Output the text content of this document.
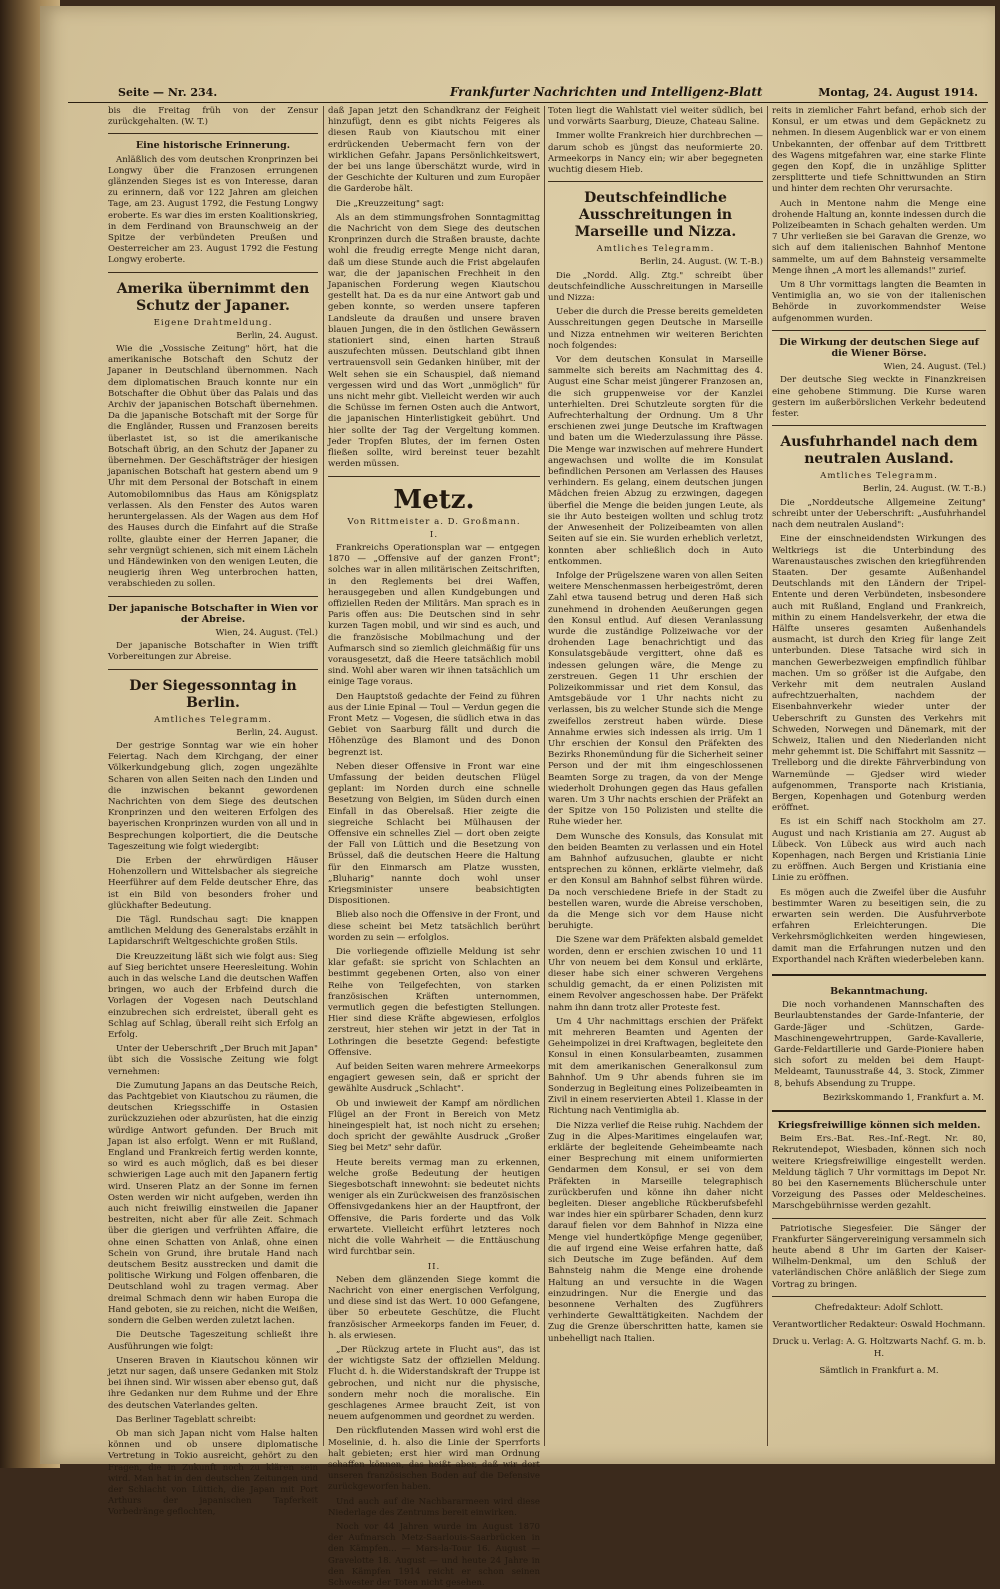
Seite — Nr. 234.	Frankfurter Nachrichten und Intelligenz-Blatt	Montag, 24. August 1914.

bis die Freitag früh von der Zensur zurückgehalten. (W. T.)

Eine historische Erinnerung.

Anläßlich des vom deutschen Kronprinzen bei Longwy über die Franzosen errungenen glänzenden Sieges ist es von Interesse, daran zu erinnern, daß vor 122 Jahren am gleichen Tage, am 23. August 1792, die Festung Longwy eroberte. Es war dies im ersten Koalitionskrieg, in dem Ferdinand von Braunschweig an der Spitze der verbündeten Preußen und Oesterreicher am 23. August 1792 die Festung Longwy eroberte.

Amerika übernimmt den Schutz der Japaner.
Eigene Drahtmeldung.
Berlin, 24. August.

Wie die „Vossische Zeitung" hört, hat die amerikanische Botschaft den Schutz der Japaner in Deutschland übernommen. Nach dem diplomatischen Brauch konnte nur ein Botschafter die Obhut über das Palais und das Archiv der japanischen Botschaft übernehmen. Da die japanische Botschaft mit der Sorge für die Engländer, Russen und Franzosen bereits überlastet ist, so ist die amerikanische Botschaft übrig, an den Schutz der Japaner zu übernehmen. Der Geschäftsträger der hiesigen japanischen Botschaft hat gestern abend um 9 Uhr mit dem Personal der Botschaft in einem Automobilomnibus das Haus am Königsplatz verlassen. Als den Fenster des Autos waren heruntergelassen. Als der Wagen aus dem Hof des Hauses durch die Einfahrt auf die Straße rollte, glaubte einer der Herren Japaner, die sehr vergnügt schienen, sich mit einem Lächeln und Händewinken von den wenigen Leuten, die neugierig ihren Weg unterbrochen hatten, verabschieden zu sollen.

Der japanische Botschafter in Wien vor der Abreise.
Wien, 24. August. (Tel.)

Der japanische Botschafter in Wien trifft Vorbereitungen zur Abreise.

Der Siegessonntag in Berlin.
Amtliches Telegramm.
Berlin, 24. August.

Der gestrige Sonntag war wie ein hoher Feiertag. Nach dem Kirchgang, der einer Völkerkundgebung glich, zogen ungezählte Scharen von allen Seiten nach den Linden und die inzwischen bekannt gewordenen Nachrichten von dem Siege des deutschen Kronprinzen und den weiteren Erfolgen des bayerischen Kronprinzen wurden von all und in Besprechungen kolportiert, die die Deutsche Tageszeitung wie folgt wiedergibt:

Die Erben der ehrwürdigen Häuser Hohenzollern und Wittelsbacher als siegreiche Heerführer auf dem Felde deutscher Ehre, das ist ein Bild von besonders froher und glückhafter Bedeutung.

Die Tägl. Rundschau sagt: Die knappen amtlichen Meldung des Generalstabs erzählt in Lapidarschrift Weltgeschichte großen Stils.

Die Kreuzzeitung läßt sich wie folgt aus: Sieg auf Sieg berichtet unsere Heeresleitung. Wohin auch in das welsche Land die deutschen Waffen bringen, wo auch der Erbfeind durch die Vorlagen der Vogesen nach Deutschland einzubrechen sich erdreistet, überall geht es Schlag auf Schlag, überall reiht sich Erfolg an Erfolg.

Unter der Ueberschrift „Der Bruch mit Japan" übt sich die Vossische Zeitung wie folgt vernehmen:

Die Zumutung Japans an das Deutsche Reich, das Pachtgebiet von Kiautschou zu räumen, die deutschen Kriegsschiffe in Ostasien zurückzuziehen oder abzurüsten, hat die einzig würdige Antwort gefunden. Der Bruch mit Japan ist also erfolgt. Wenn er mit Rußland, England und Frankreich fertig werden konnte, so wird es auch möglich, daß es bei dieser schwierigen Lage auch mit den Japanern fertig wird. Unseren Platz an der Sonne im fernen Osten werden wir nicht aufgeben, werden ihn auch nicht freiwillig einstweilen die Japaner bestreiten, nicht aber für alle Zeit. Schmach über die gierigen und verfrühten Affaire, die ohne einen Schatten von Anlaß, ohne einen Schein von Grund, ihre brutale Hand nach deutschem Besitz ausstrecken und damit die politische Wirkung und Folgen offenbaren, die Deutschland wohl zu tragen vermag. Aber dreimal Schmach denn wir haben Europa die Hand geboten, sie zu reichen, nicht die Weißen, sondern die Gelben werden zuletzt lachen.

Die Deutsche Tageszeitung schließt ihre Ausführungen wie folgt:

Unseren Braven in Kiautschou können wir jetzt nur sagen, daß unsere Gedanken mit Stolz bei ihnen sind. Wir wissen aber ebenso gut, daß ihre Gedanken nur dem Ruhme und der Ehre des deutschen Vaterlandes gelten.

Das Berliner Tageblatt schreibt:

Ob man sich Japan nicht vom Halse halten können und ob unsere diplomatische Vertretung in Tokio ausreicht, gehört zu den Fragen, die in Zukunft noch zu klären sein wird. Man hat in den deutschen Zeitungen und der Schlacht von Lüttich, die Japan mit Port Arthurs der japanischen Tapferkeit Vorbedränge geflochten,

daß Japan jetzt den Schandkranz der Feigheit hinzufügt, denn es gibt nichts Feigeres als diesen Raub von Kiautschou mit einer erdrückenden Uebermacht fern von der wirklichen Gefahr. Japans Persönlichkeitswert, der bei uns lange überschätzt wurde, wird in der Geschichte der Kulturen und zum Europäer die Garderobe hält.

Die „Kreuzzeitung" sagt:

Als an dem stimmungsfrohen Sonntagmittag die Nachricht von dem Siege des deutschen Kronprinzen durch die Straßen brauste, dachte wohl die freudig erregte Menge nicht daran, daß um diese Stunde auch die Frist abgelaufen war, die der japanischen Frechheit in den Japanischen Forderung wegen Kiautschou gestellt hat. Da es da nur eine Antwort gab und geben konnte, so werden unsere tapferen Landsleute da draußen und unsere braven blauen Jungen, die in den östlichen Gewässern stationiert sind, einen harten Strauß auszufechten müssen. Deutschland gibt ihnen vertrauensvoll sein Gedanken hinüber, mit der Welt sehen sie ein Schauspiel, daß niemand vergessen wird und das Wort „unmöglich" für uns nicht mehr gibt. Vielleicht werden wir auch die Schüsse im fernen Osten auch die Antwort, die japanischen Hinterlistigkeit gebührt. Und hier sollte der Tag der Vergeltung kommen. Jeder Tropfen Blutes, der im fernen Osten fließen sollte, wird bereinst teuer bezahlt werden müssen.

Metz.
Von Rittmeister a. D. Großmann.
I.

Frankreichs Operationsplan war — entgegen 1870 — „Offensive auf der ganzen Front"; solches war in allen militärischen Zeitschriften, in den Reglements bei drei Waffen, herausgegeben und allen Kundgebungen und offiziellen Reden der Militärs. Man sprach es in Paris offen aus: Die Deutschen sind in sehr kurzen Tagen mobil, und wir sind es auch, und die französische Mobilmachung und der Aufmarsch sind so ziemlich gleichmäßig für uns vorausgesetzt, daß die Heere tatsächlich mobil sind. Wohl aber waren wir ihnen tatsächlich um einige Tage voraus.

Den Hauptstoß gedachte der Feind zu führen aus der Linie Epinal — Toul — Verdun gegen die Front Metz — Vogesen, die südlich etwa in das Gebiet von Saarburg fällt und durch die Höhenzüge des Blamont und des Donon begrenzt ist.

Neben dieser Offensive in Front war eine Umfassung der beiden deutschen Flügel geplant: im Norden durch eine schnelle Besetzung von Belgien, im Süden durch einen Einfall in das Oberelsaß. Hier zeigte die siegreiche Schlacht bei Mülhausen der Offensive ein schnelles Ziel — dort oben zeigte der Fall von Lüttich und die Besetzung von Brüssel, daß die deutschen Heere die Haltung für den Einmarsch am Platze wussten, „Bluharig" nannte doch wohl unser Kriegsminister unsere beabsichtigten Dispositionen.

Blieb also noch die Offensive in der Front, und diese scheint bei Metz tatsächlich berührt worden zu sein — erfolglos.

Die vorliegende offizielle Meldung ist sehr klar gefaßt: sie spricht von Schlachten an bestimmt gegebenen Orten, also von einer Reihe von Teilgefechten, von starken französischen Kräften unternommen, vermutlich gegen die befestigten Stellungen. Hier sind diese Kräfte abgewiesen, erfolglos zerstreut, hier stehen wir jetzt in der Tat in Lothringen die besetzte Gegend: befestigte Offensive.

Auf beiden Seiten waren mehrere Armeekorps engagiert gewesen sein, daß er spricht der gewählte Ausdruck „Schlacht".

Ob und inwieweit der Kampf am nördlichen Flügel an der Front in Bereich von Metz hineingespielt hat, ist noch nicht zu ersehen; doch spricht der gewählte Ausdruck „Großer Sieg bei Metz" sehr dafür.

Heute bereits vermag man zu erkennen, welche große Bedeutung der heutigen Siegesbotschaft innewohnt: sie bedeutet nichts weniger als ein Zurückweisen des französischen Offensivgedankens hier an der Hauptfront, der Offensive, die Paris forderte und das Volk erwartete. Vielleicht erführt letzteres noch nicht die volle Wahrheit — die Enttäuschung wird furchtbar sein.

II.

Neben dem glänzenden Siege kommt die Nachricht von einer energischen Verfolgung, und diese sind ist das Wert. 10 000 Gefangene, über 50 erbeutete Geschütze, die Flucht französischer Armeekorps fanden im Feuer, d. h. als erwiesen.

„Der Rückzug artete in Flucht aus", das ist der wichtigste Satz der offiziellen Meldung. Flucht d. h. die Widerstandskraft der Truppe ist gebrochen, und nicht nur die physische, sondern mehr noch die moralische. Ein geschlagenes Armee braucht Zeit, ist von neuem aufgenommen und geordnet zu werden.

Den rückflutenden Massen wird wohl erst die Moselinie, d. h. also die Linie der Sperrforts halt gebieten; erst hier wird man Ordnung schaffen können, das heißt aber, daß wir dort unseren französischen Boden auf die Defensive zurückgeworfen haben.

Und auch auf die Nachbararmeen wird diese Niederlage des Zentrums bereit einwirken.

Noch vor 44 Jahren wurde im August 1870 der Aufmarsch Metz-Saarlouis-Saarbrücken in den Kämpfen... — Mars-la-Tour 16. August — Gravelotte 18. August — und heute 24 Jahre in den Kämpfen 1914 reicht er schon seinen Schwester der Toten nicht gesehen.

Toten liegt die Wahlstatt viel weiter südlich, bei und vorwärts Saarburg, Dieuze, Chateau Saline.

Immer wollte Frankreich hier durchbrechen — darum schob es jüngst das neuformierte 20. Armeekorps in Nancy ein; wir aber begegneten wuchtig diesem Hieb.

Deutschfeindliche Ausschreitungen in Marseille und Nizza.
Amtliches Telegramm.
Berlin, 24. August. (W. T.-B.)

Die „Nordd. Allg. Ztg." schreibt über deutschfeindliche Ausschreitungen in Marseille und Nizza:

Ueber die durch die Presse bereits gemeldeten Ausschreitungen gegen Deutsche in Marseille und Nizza entnehmen wir weiteren Berichten noch folgendes:

Vor dem deutschen Konsulat in Marseille sammelte sich bereits am Nachmittag des 4. August eine Schar meist jüngerer Franzosen an, die sich gruppenweise vor der Kanzlei unterhielten. Drei Schutzleute sorgten für die Aufrechterhaltung der Ordnung. Um 8 Uhr erschienen zwei junge Deutsche im Kraftwagen und baten um die Wiederzulassung ihre Pässe. Die Menge war inzwischen auf mehrere Hundert angewachsen und wollte die im Konsulat befindlichen Personen am Verlassen des Hauses verhindern. Es gelang, einem deutschen jungen Mädchen freien Abzug zu erzwingen, dagegen überfiel die Menge die beiden jungen Leute, als sie ihr Auto besteigen wollten und schlug trotz der Anwesenheit der Polizeibeamten von allen Seiten auf sie ein. Sie wurden erheblich verletzt, konnten aber schließlich doch in Auto entkommen.

Infolge der Prügelszene waren von allen Seiten weitere Menschenmassen herbeigeströmt, deren Zahl etwa tausend betrug und deren Haß sich zunehmend in drohenden Aeußerungen gegen den Konsul entlud. Auf diesen Veranlassung wurde die zuständige Polizeiwache vor der drohenden Lage benachrichtigt und das Konsulatsgebäude vergittert, ohne daß es indessen gelungen wäre, die Menge zu zerstreuen. Gegen 11 Uhr erschien der Polizeikommissar und riet dem Konsul, das Amtsgebäude vor 1 Uhr nachts nicht zu verlassen, bis zu welcher Stunde sich die Menge zweifellos zerstreut haben würde. Diese Annahme erwies sich indessen als irrig. Um 1 Uhr erschien der Konsul den Präfekten des Bezirks Rhonemündung für die Sicherheit seiner Person und der mit ihm eingeschlossenen Beamten Sorge zu tragen, da von der Menge wiederholt Drohungen gegen das Haus gefallen waren. Um 3 Uhr nachts erschien der Präfekt an der Spitze von 150 Polizisten und stellte die Ruhe wieder her.

Dem Wunsche des Konsuls, das Konsulat mit den beiden Beamten zu verlassen und ein Hotel am Bahnhof aufzusuchen, glaubte er nicht entsprechen zu können, erklärte vielmehr, daß er den Konsul am Bahnhof selbst führen würde. Da noch verschiedene Briefe in der Stadt zu bestellen waren, wurde die Abreise verschoben, da die Menge sich vor dem Hause nicht beruhigte.

Die Szene war dem Präfekten alsbald gemeldet worden, denn er erschien zwischen 10 und 11 Uhr von neuem bei dem Konsul und erklärte, dieser habe sich einer schweren Vergehens schuldig gemacht, da er einen Polizisten mit einem Revolver angeschossen habe. Der Präfekt nahm ihn dann trotz aller Proteste fest.

Um 4 Uhr nachmittags erschien der Präfekt mit mehreren Beamten und Agenten der Geheimpolizei in drei Kraftwagen, begleitete den Konsul in einen Konsularbeamten, zusammen mit dem amerikanischen Generalkonsul zum Bahnhof. Um 9 Uhr abends fuhren sie im Sonderzug in Begleitung eines Polizeibeamten in Zivil in einem reservierten Abteil 1. Klasse in der Richtung nach Ventimiglia ab.

Die Nizza verlief die Reise ruhig. Nachdem der Zug in die Alpes-Maritimes eingelaufen war, erklärte der begleitende Geheimbeamte nach einer Besprechung mit einem uniformierten Gendarmen dem Konsul, er sei von dem Präfekten in Marseille telegraphisch zurückberufen und könne ihn daher nicht begleiten. Dieser angebliche Rückberufsbefehl war indes hier ein spürbarer Schaden, denn kurz darauf fielen vor dem Bahnhof in Nizza eine Menge viel hundertköpfige Menge gegenüber, die auf irgend eine Weise erfahren hatte, daß sich Deutsche im Zuge befänden. Auf dem Bahnsteig nahm die Menge eine drohende Haltung an und versuchte in die Wagen einzudringen. Nur die Energie und das besonnene Verhalten des Zugführers verhinderte Gewalttätigkeiten. Nachdem der Zug die Grenze überschritten hatte, kamen sie unbehelligt nach Italien.

reits in ziemlicher Fahrt befand, erhob sich der Konsul, er um etwas und dem Gepäcknetz zu nehmen. In diesem Augenblick war er von einem Unbekannten, der offenbar auf dem Trittbrett des Wagens mitgefahren war, eine starke Flinte gegen den Kopf, die in unzählige Splitter zersplitterte und tiefe Schnittwunden an Stirn und hinter dem rechten Ohr verursachte.

Auch in Mentone nahm die Menge eine drohende Haltung an, konnte indessen durch die Polizeibeamten in Schach gehalten werden. Um 7 Uhr verließen sie bei Garavan die Grenze, wo sich auf dem italienischen Bahnhof Mentone sammelte, um auf dem Bahnsteig versammelte Menge ihnen „A mort les allemands!" zurief.

Um 8 Uhr vormittags langten die Beamten in Ventimiglia an, wo sie von der italienischen Behörde in zuvorkommendster Weise aufgenommen wurden.

Die Wirkung der deutschen Siege auf die Wiener Börse.
Wien, 24. August. (Tel.)

Der deutsche Sieg weckte in Finanzkreisen eine gehobene Stimmung. Die Kurse waren gestern im außerbörslichen Verkehr bedeutend fester.

Ausfuhrhandel nach dem neutralen Ausland.
Amtliches Telegramm.
Berlin, 24. August. (W. T.-B.)

Die „Norddeutsche Allgemeine Zeitung" schreibt unter der Ueberschrift: „Ausfuhrhandel nach dem neutralen Ausland":

Eine der einschneidendsten Wirkungen des Weltkriegs ist die Unterbindung des Warenaustausches zwischen den kriegführenden Staaten. Der gesamte Außenhandel Deutschlands mit den Ländern der Tripel-Entente und deren Verbündeten, insbesondere auch mit Rußland, England und Frankreich, mithin zu einem Handelsverkehr, der etwa die Hälfte unseres gesamten Außenhandels ausmacht, ist durch den Krieg für lange Zeit unterbunden. Diese Tatsache wird sich in manchen Gewerbezweigen empfindlich fühlbar machen. Um so größer ist die Aufgabe, den Verkehr mit dem neutralen Ausland aufrechtzuerhalten, nachdem der Eisenbahnverkehr wieder unter der Ueberschrift zu Gunsten des Verkehrs mit Schweden, Norwegen und Dänemark, mit der Schweiz, Italien und den Niederlanden nicht mehr gehemmt ist. Die Schiffahrt mit Sassnitz — Trelleborg und die direkte Fährverbindung von Warnemünde — Gjedser wird wieder aufgenommen, Transporte nach Kristiania, Bergen, Kopenhagen und Gotenburg werden eröffnet.

Es ist ein Schiff nach Stockholm am 27. August und nach Kristiania am 27. August ab Lübeck. Von Lübeck aus wird auch nach Kopenhagen, nach Bergen und Kristiania Linie zu eröffnen. Auch Bergen und Kristiania eine Linie zu eröffnen.

Es mögen auch die Zweifel über die Ausfuhr bestimmter Waren zu beseitigen sein, die zu erwarten sein werden. Die Ausfuhrverbote erfahren Erleichterungen. Die Verkehrsmöglichkeiten werden hingewiesen, damit man die Erfahrungen nutzen und den Exporthandel nach Kräften wiederbeleben kann.

Bekanntmachung.

Die noch vorhandenen Mannschaften des Beurlaubtenstandes der Garde-Infanterie, der Garde-Jäger und -Schützen, Garde-Maschinengewehrtruppen, Garde-Kavallerie, Garde-Feldartillerie und Garde-Pioniere haben sich sofort zu melden bei dem Haupt-Meldeamt, Taunusstraße 44, 3. Stock, Zimmer 8, behufs Absendung zu Truppe.

Bezirkskommando 1, Frankfurt a. M.
Kriegsfreiwillige können sich melden.

Beim Ers.-Bat. Res.-Inf.-Regt. Nr. 80, Rekrutendepot, Wiesbaden, können sich noch weitere Kriegsfreiwillige eingestellt werden. Meldung täglich 7 Uhr vormittags im Depot Nr. 80 bei den Kasernements Blücherschule unter Vorzeigung des Passes oder Meldescheines. Marschgebührnisse werden gezahlt.

Patriotische Siegesfeier. Die Sänger der Frankfurter Sängervereinigung versammeln sich heute abend 8 Uhr im Garten der Kaiser-Wilhelm-Denkmal, um den Schluß der vaterländischen Chöre anläßlich der Siege zum Vortrag zu bringen.

Chefredakteur: Adolf Schlott.
Verantwortlicher Redakteur: Oswald Hochmann.
Druck u. Verlag: A. G. Holtzwarts Nachf. G. m. b. H.
Sämtlich in Frankfurt a. M.
